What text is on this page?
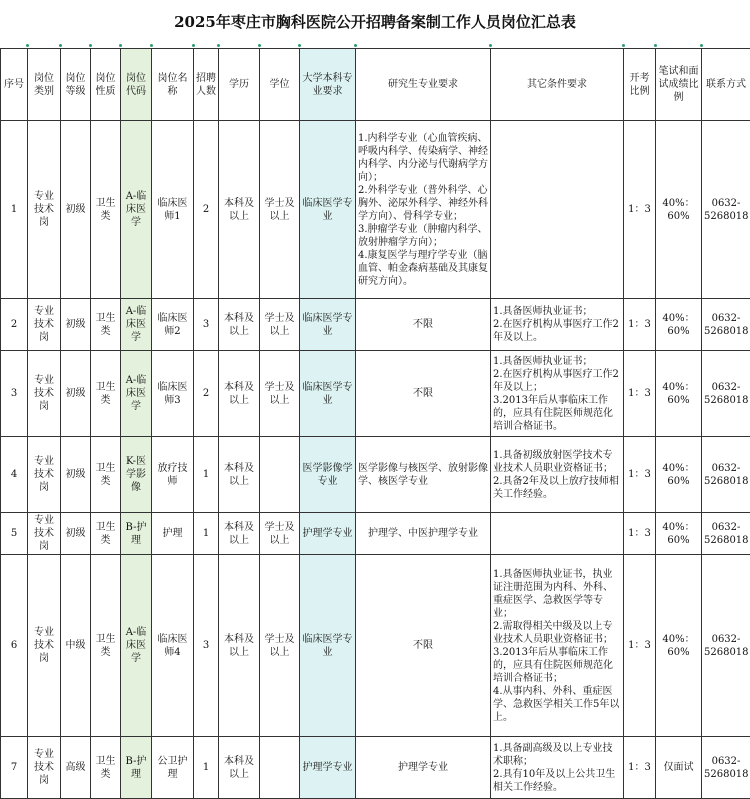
2025年枣庄市胸科医院公开招聘备案制工作人员岗位汇总表
序号	岗位类别	岗位等级	岗位性质	岗位代码	岗位名称	招聘人数	学历	学位	大学本科专业要求	研究生专业要求	其它条件要求	开考比例	笔试和面试成绩比例	联系方式
1	专业技术岗	初级	卫生类	A-临床医学	临床医师1	2	本科及以上	学士及以上	临床医学专业	1.内科学专业（心血管疾病、呼吸内科学、传染病学、神经内科学、内分泌与代谢病学方向）；
2.外科学专业（普外科学、心胸外、泌尿外科学、神经外科学方向）、骨科学专业；
3.肿瘤学专业（肿瘤内科学、放射肿瘤学方向）；
4.康复医学与理疗学专业（脑血管、帕金森病基础及其康复研究方向）。		1：3	40%：60%	0632-5268018
2	专业技术岗	初级	卫生类	A-临床医学	临床医师2	3	本科及以上	学士及以上	临床医学专业	不限	1.具备医师执业证书；
2.在医疗机构从事医疗工作2年及以上。	1：3	40%：60%	0632-5268018
3	专业技术岗	初级	卫生类	A-临床医学	临床医师3	2	本科及以上	学士及以上	临床医学专业	不限	1.具备医师执业证书；
2.在医疗机构从事医疗工作2年及以上；
3.2013年后从事临床工作的，应具有住院医师规范化培训合格证书。	1：3	40%：60%	0632-5268018
4	专业技术岗	初级	卫生类	K-医学影像	放疗技师	1	本科及以上		医学影像学专业	医学影像与核医学、放射影像学、核医学专业	1.具备初级放射医学技术专业技术人员职业资格证书；
2.具备2年及以上放疗技师相关工作经验。	1：3	40%：60%	0632-5268018
5	专业技术岗	初级	卫生类	B-护理	护理	1	本科及以上	学士及以上	护理学专业	护理学、中医护理学专业		1：3	40%：60%	0632-5268018
6	专业技术岗	中级	卫生类	A-临床医学	临床医师4	3	本科及以上	学士及以上	临床医学专业	不限	1.具备医师执业证书，执业证注册范围为内科、外科、重症医学、急救医学等专业；
2.需取得相关中级及以上专业技术人员职业资格证书；
3.2013年后从事临床工作的，应具有住院医师规范化培训合格证书；
4.从事内科、外科、重症医学、急救医学相关工作5年以上。	1：3	40%：60%	0632-5268018
7	专业技术岗	高级	卫生类	B-护理	公卫护理	1	本科及以上		护理学专业	护理学专业	1.具备副高级及以上专业技术职称；
2.具有10年及以上公共卫生相关工作经验。	1：3	仅面试	0632-5268018
